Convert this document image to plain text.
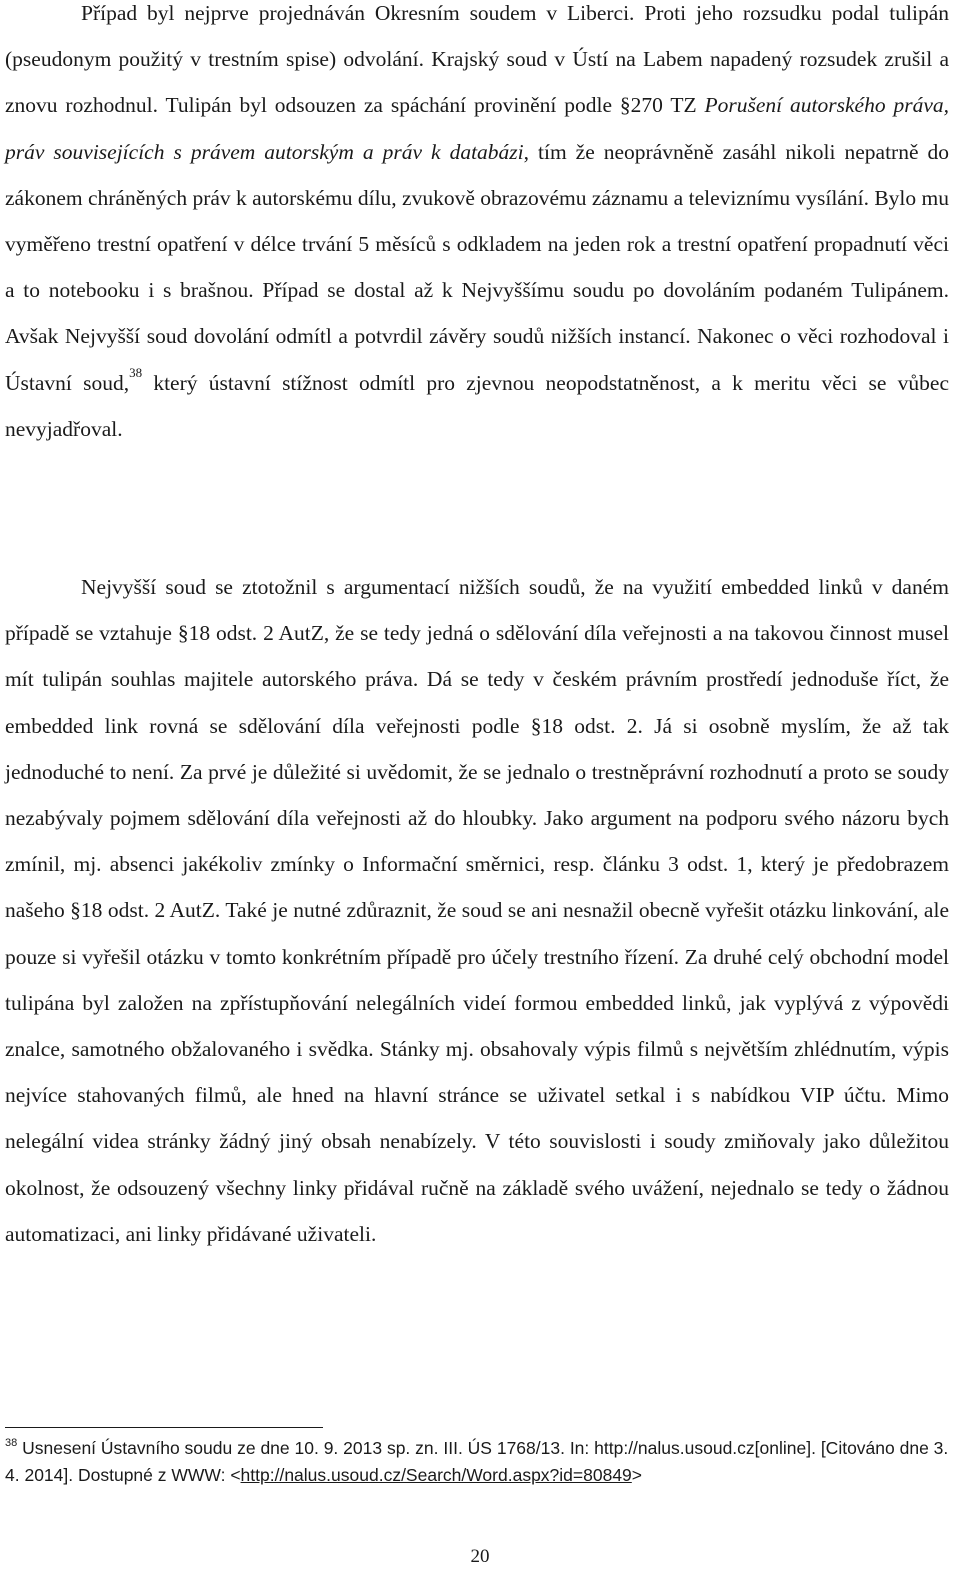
Případ byl nejprve projednáván Okresním soudem v Liberci. Proti jeho rozsudku podal tulipán (pseudonym použitý v trestním spise) odvolání. Krajský soud v Ústí na Labem napadený rozsudek zrušil a znovu rozhodnul. Tulipán byl odsouzen za spáchání provinění podle §270 TZ Porušení autorského práva, práv souvisejících s právem autorským a práv k databázi, tím že neoprávněně zasáhl nikoli nepatrně do zákonem chráněných práv k autorskému dílu, zvukově obrazovému záznamu a televiznímu vysílání. Bylo mu vyměřeno trestní opatření v délce trvání 5 měsíců s odkladem na jeden rok a trestní opatření propadnutí věci a to notebooku i s brašnou. Případ se dostal až k Nejvyššímu soudu po dovoláním podaném Tulipánem. Avšak Nejvyšší soud dovolání odmítl a potvrdil závěry soudů nižších instancí. Nakonec o věci rozhodoval i Ústavní soud,$^{38}$ který ústavní stížnost odmítl pro zjevnou neopodstatněnost, a k meritu věci se vůbec nevyjadřoval.

Nejvyšší soud se ztotožnil s argumentací nižších soudů, že na využití embedded linků v daném případě se vztahuje §18 odst. 2 AutZ, že se tedy jedná o sdělování díla veřejnosti a na takovou činnost musel mít tulipán souhlas majitele autorského práva. Dá se tedy v českém právním prostředí jednoduše říct, že embedded link rovná se sdělování díla veřejnosti podle §18 odst. 2. Já si osobně myslím, že až tak jednoduché to není. Za prvé je důležité si uvědomit, že se jednalo o trestněprávní rozhodnutí a proto se soudy nezabývaly pojmem sdělování díla veřejnosti až do hloubky. Jako argument na podporu svého názoru bych zmínil, mj. absenci jakékoliv zmínky o Informační směrnici, resp. článku 3 odst. 1, který je předobrazem našeho §18 odst. 2 AutZ. Také je nutné zdůraznit, že soud se ani nesnažil obecně vyřešit otázku linkování, ale pouze si vyřešil otázku v tomto konkrétním případě pro účely trestního řízení. Za druhé celý obchodní model tulipána byl založen na zpřístupňování nelegálních videí formou embedded linků, jak vyplývá z výpovědi znalce, samotného obžalovaného i svědka. Stánky mj. obsahovaly výpis filmů s největším zhlédnutím, výpis nejvíce stahovaných filmů, ale hned na hlavní stránce se uživatel setkal i s nabídkou VIP účtu. Mimo nelegální videa stránky žádný jiný obsah nenabízely. V této souvislosti i soudy zmiňovaly jako důležitou okolnost, že odsouzený všechny linky přidával ručně na základě svého uvážení, nejednalo se tedy o žádnou automatizaci, ani linky přidávané uživateli.

$^{38}$ Usnesení Ústavního soudu ze dne 10. 9. 2013 sp. zn. III. ÚS 1768/13. In: http://nalus.usoud.cz[online]. [Citováno dne 3. 4. 2014]. Dostupné z WWW: <http://nalus.usoud.cz/Search/Word.aspx?id=80849>

20
